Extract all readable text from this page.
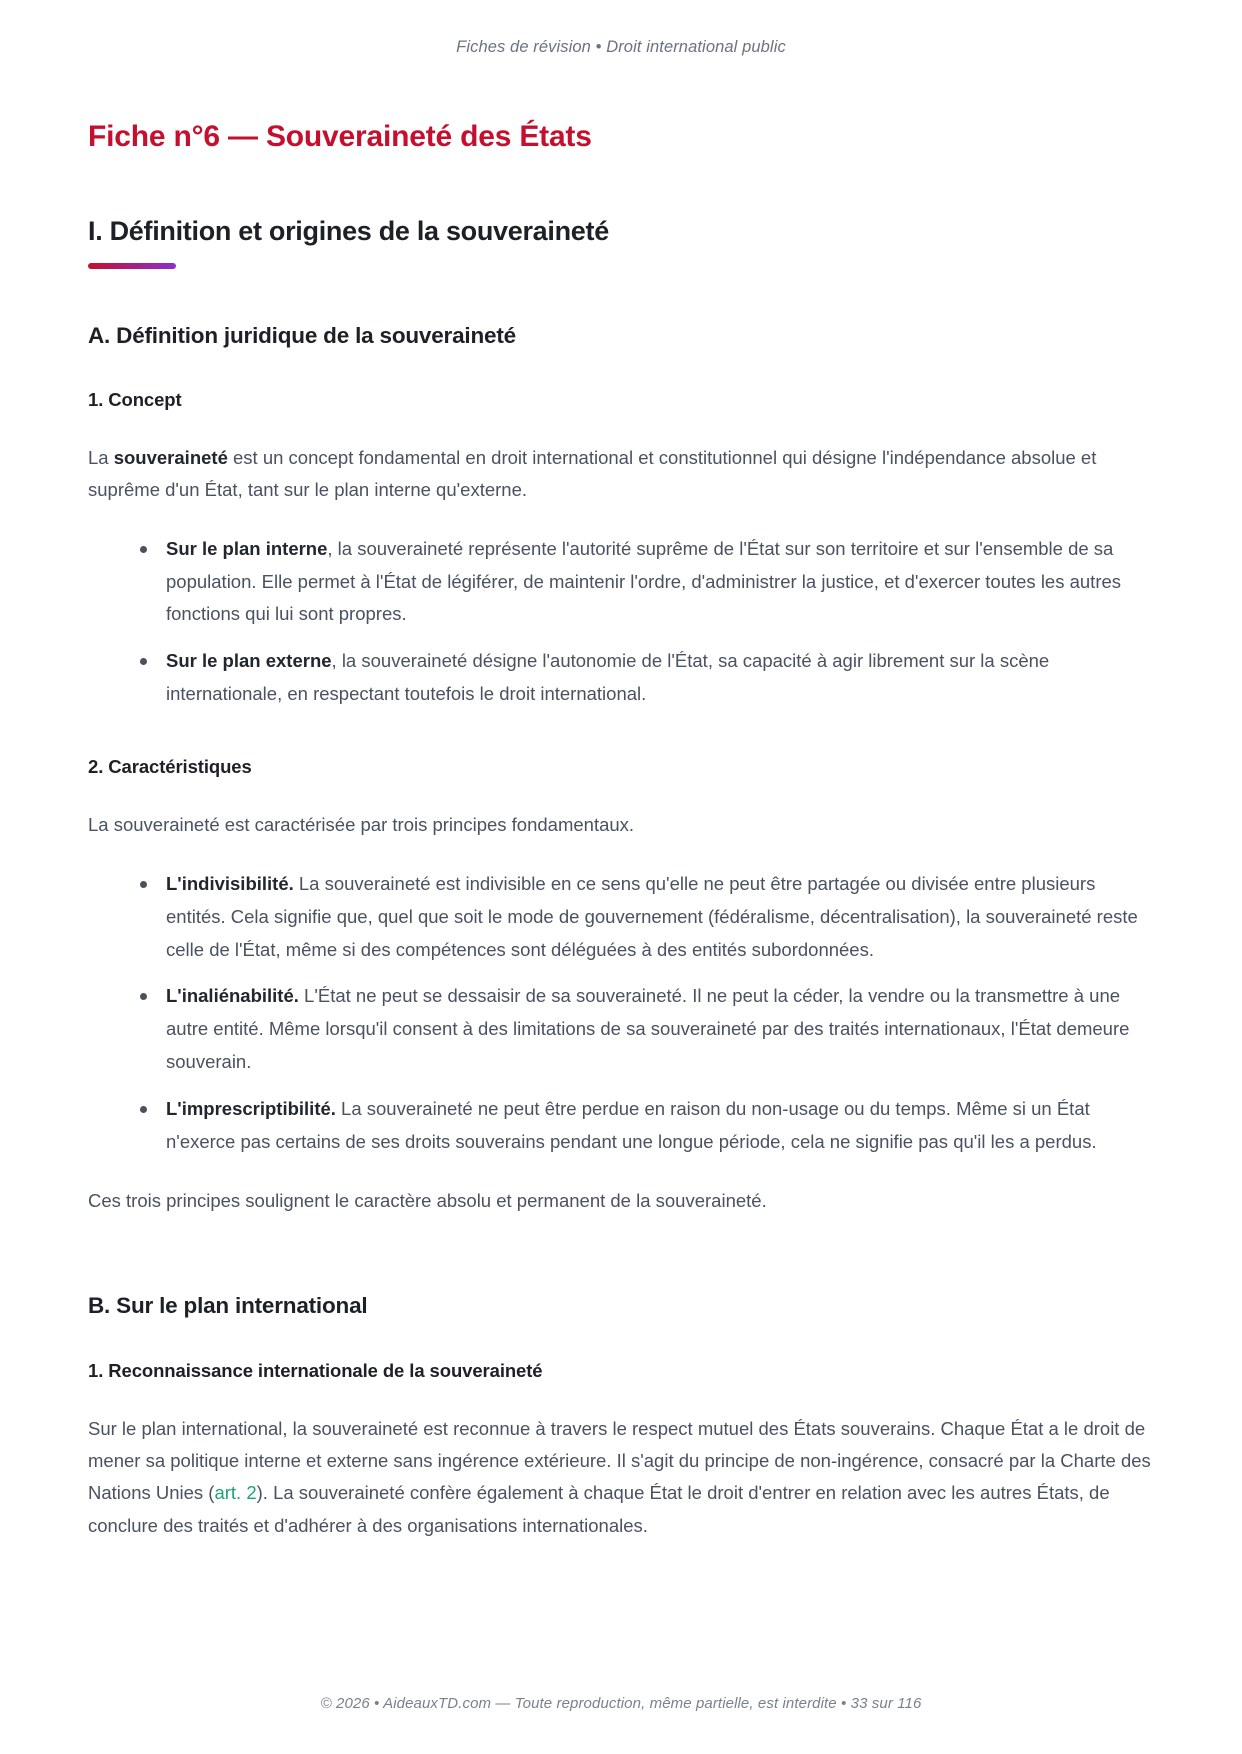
Fiches de révision • Droit international public
Fiche n°6 — Souveraineté des États
I. Définition et origines de la souveraineté
A. Définition juridique de la souveraineté
1. Concept

La souveraineté est un concept fondamental en droit international et constitutionnel qui désigne l'indépendance absolue et suprême d'un État, tant sur le plan interne qu'externe.

Sur le plan interne, la souveraineté représente l'autorité suprême de l'État sur son territoire et sur l'ensemble de sa population. Elle permet à l'État de légiférer, de maintenir l'ordre, d'administrer la justice, et d'exercer toutes les autres fonctions qui lui sont propres.
Sur le plan externe, la souveraineté désigne l'autonomie de l'État, sa capacité à agir librement sur la scène internationale, en respectant toutefois le droit international.
2. Caractéristiques

La souveraineté est caractérisée par trois principes fondamentaux.

L'indivisibilité. La souveraineté est indivisible en ce sens qu'elle ne peut être partagée ou divisée entre plusieurs entités. Cela signifie que, quel que soit le mode de gouvernement (fédéralisme, décentralisation), la souveraineté reste celle de l'État, même si des compétences sont déléguées à des entités subordonnées.
L'inaliénabilité. L'État ne peut se dessaisir de sa souveraineté. Il ne peut la céder, la vendre ou la transmettre à une autre entité. Même lorsqu'il consent à des limitations de sa souveraineté par des traités internationaux, l'État demeure souverain.
L'imprescriptibilité. La souveraineté ne peut être perdue en raison du non-usage ou du temps. Même si un État n'exerce pas certains de ses droits souverains pendant une longue période, cela ne signifie pas qu'il les a perdus.

Ces trois principes soulignent le caractère absolu et permanent de la souveraineté.

B. Sur le plan international
1. Reconnaissance internationale de la souveraineté

Sur le plan international, la souveraineté est reconnue à travers le respect mutuel des États souverains. Chaque État a le droit de mener sa politique interne et externe sans ingérence extérieure. Il s'agit du principe de non-ingérence, consacré par la Charte des Nations Unies (art. 2). La souveraineté confère également à chaque État le droit d'entrer en relation avec les autres États, de conclure des traités et d'adhérer à des organisations internationales.

© 2026 • AideauxTD.com — Toute reproduction, même partielle, est interdite • 33 sur 116
